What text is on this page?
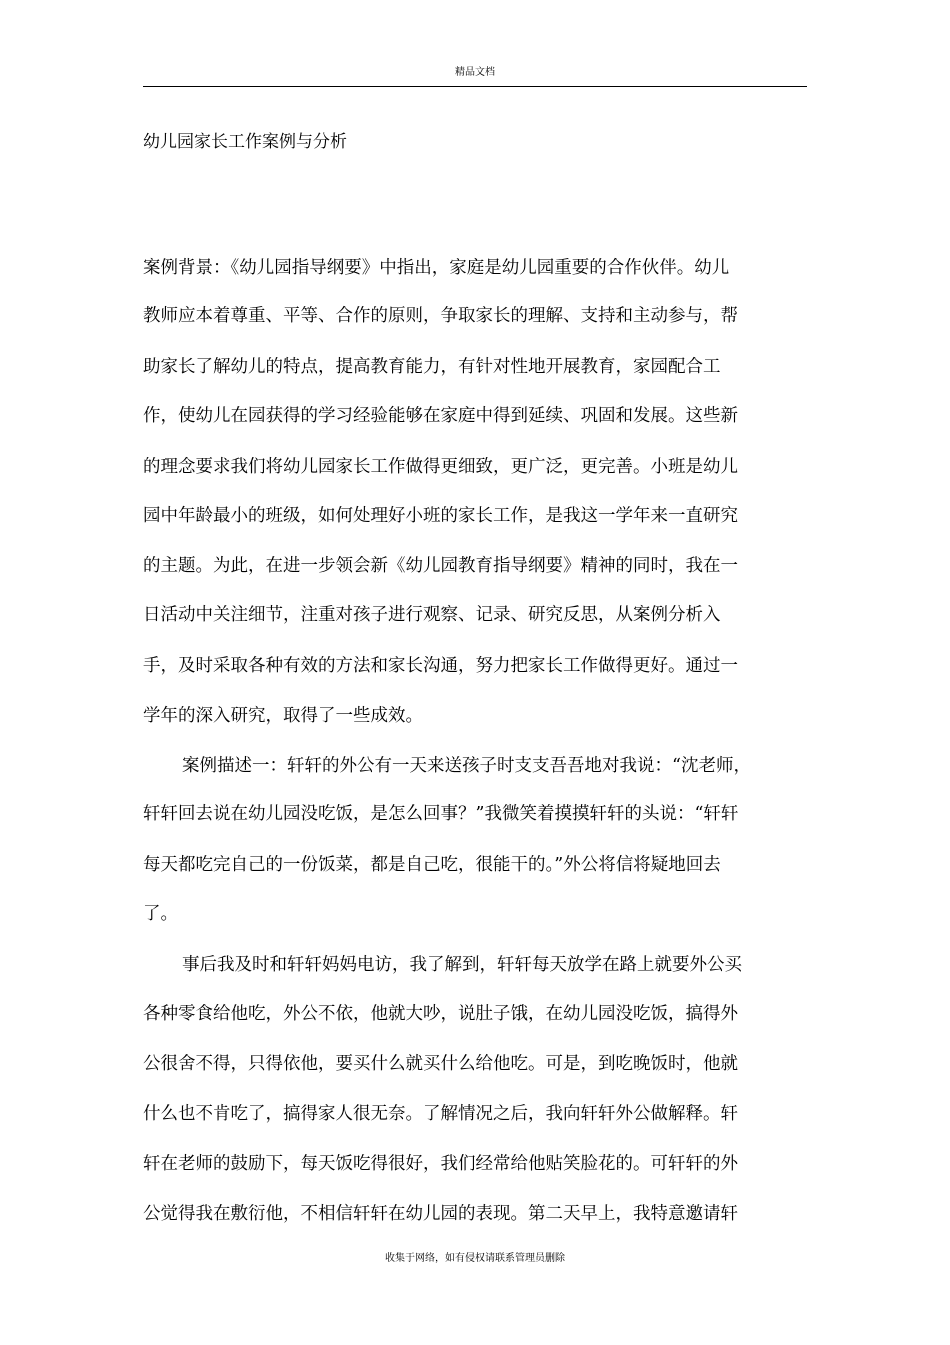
精品文档
幼儿园家长工作案例与分析
案例背景：《幼儿园指导纲要》中指出，家庭是幼儿园重要的合作伙伴。幼儿
教师应本着尊重、平等、合作的原则，争取家长的理解、支持和主动参与，帮
助家长了解幼儿的特点，提高教育能力，有针对性地开展教育，家园配合工
作，使幼儿在园获得的学习经验能够在家庭中得到延续、巩固和发展。这些新
的理念要求我们将幼儿园家长工作做得更细致，更广泛，更完善。小班是幼儿
园中年龄最小的班级，如何处理好小班的家长工作，是我这一学年来一直研究
的主题。为此，在进一步领会新《幼儿园教育指导纲要》精神的同时，我在一
日活动中关注细节，注重对孩子进行观察、记录、研究反思，从案例分析入
手，及时采取各种有效的方法和家长沟通，努力把家长工作做得更好。通过一
学年的深入研究，取得了一些成效。
案例描述一：轩轩的外公有一天来送孩子时支支吾吾地对我说：“沈老师，
轩轩回去说在幼儿园没吃饭，是怎么回事？”我微笑着摸摸轩轩的头说：“轩轩
每天都吃完自己的一份饭菜，都是自己吃，很能干的。”外公将信将疑地回去
了。
事后我及时和轩轩妈妈电访，我了解到，轩轩每天放学在路上就要外公买
各种零食给他吃，外公不依，他就大吵，说肚子饿，在幼儿园没吃饭，搞得外
公很舍不得，只得依他，要买什么就买什么给他吃。可是，到吃晚饭时，他就
什么也不肯吃了，搞得家人很无奈。了解情况之后，我向轩轩外公做解释。轩
轩在老师的鼓励下，每天饭吃得很好，我们经常给他贴笑脸花的。可轩轩的外
公觉得我在敷衍他，不相信轩轩在幼儿园的表现。第二天早上，我特意邀请轩
收集于网络，如有侵权请联系管理员删除
